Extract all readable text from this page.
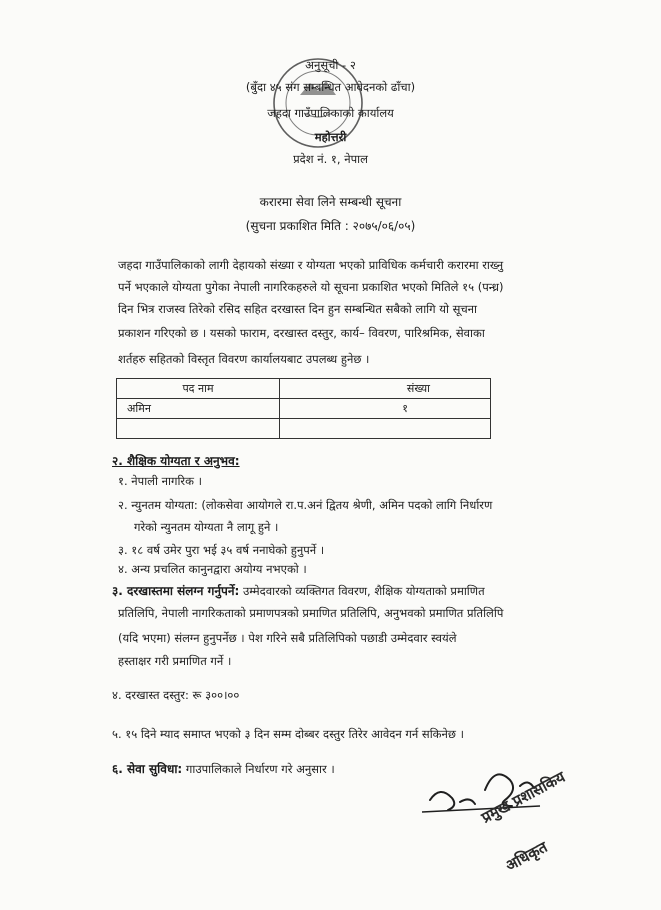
अनुसूची - २
(बुँदा ४५ संग सम्बन्धित आवेदनको ढाँचा)
जहदा गाउँपालिकाको कार्यालय
महोत्तरी
प्रदेश नं. १, नेपाल
करारमा सेवा लिने सम्बन्धी सूचना
(सुचना प्रकाशित मिति : २०७५/०६/०५)
जहदा गाउँपालिकाको लागी देहायको संख्या र योग्यता भएको प्राविधिक कर्मचारी करारमा राख्नु
पर्ने भएकाले योग्यता पुगेका नेपाली नागरिकहरुले यो सूचना प्रकाशित भएको मितिले १५ (पन्ध्र)
दिन भित्र राजस्व तिरेको रसिद सहित दरखास्त दिन हुन सम्बन्धित सबैको लागि यो सूचना
प्रकाशन गरिएको छ । यसको फाराम, दरखास्त दस्तुर, कार्य– विवरण, पारिश्रमिक, सेवाका
शर्तहरु सहितको विस्तृत विवरण कार्यालयबाट उपलब्ध हुनेछ ।
पद नाम	संख्या
अमिन	१

२. शैक्षिक योग्यता र अनुभव:
१. नेपाली नागरिक ।
२. न्युनतम योग्यता: (लोकसेवा आयोगले रा.प.अनं द्वितय श्रेणी, अमिन पदको लागि निर्धारण
गरेको न्युनतम योग्यता नै लागू हुने ।
३. १८ वर्ष उमेर पुरा भई ३५ वर्ष ननाघेको हुनुपर्ने ।
४. अन्य प्रचलित कानुनद्वारा अयोग्य नभएको ।
३. दरखास्तमा संलग्न गर्नुपर्ने: उम्मेदवारको व्यक्तिगत विवरण, शैक्षिक योग्यताको प्रमाणित
प्रतिलिपि, नेपाली नागरिकताको प्रमाणपत्रको प्रमाणित प्रतिलिपि, अनुभवको प्रमाणित प्रतिलिपि
(यदि भएमा) संलग्न हुनुपर्नेछ । पेश गरिने सबै प्रतिलिपिको पछाडी उम्मेदवार स्वयंले
हस्ताक्षर गरी प्रमाणित गर्ने ।
४. दरखास्त दस्तुर: रू ३००।००
५. १५ दिने म्याद समाप्त भएको ३ दिन सम्म दोब्बर दस्तुर तिरेर आवेदन गर्न सकिनेछ ।
६. सेवा सुविधा: गाउपालिकाले निर्धारण गरे अनुसार ।	प्रमुख प्रशासकिय
अधिकृत
